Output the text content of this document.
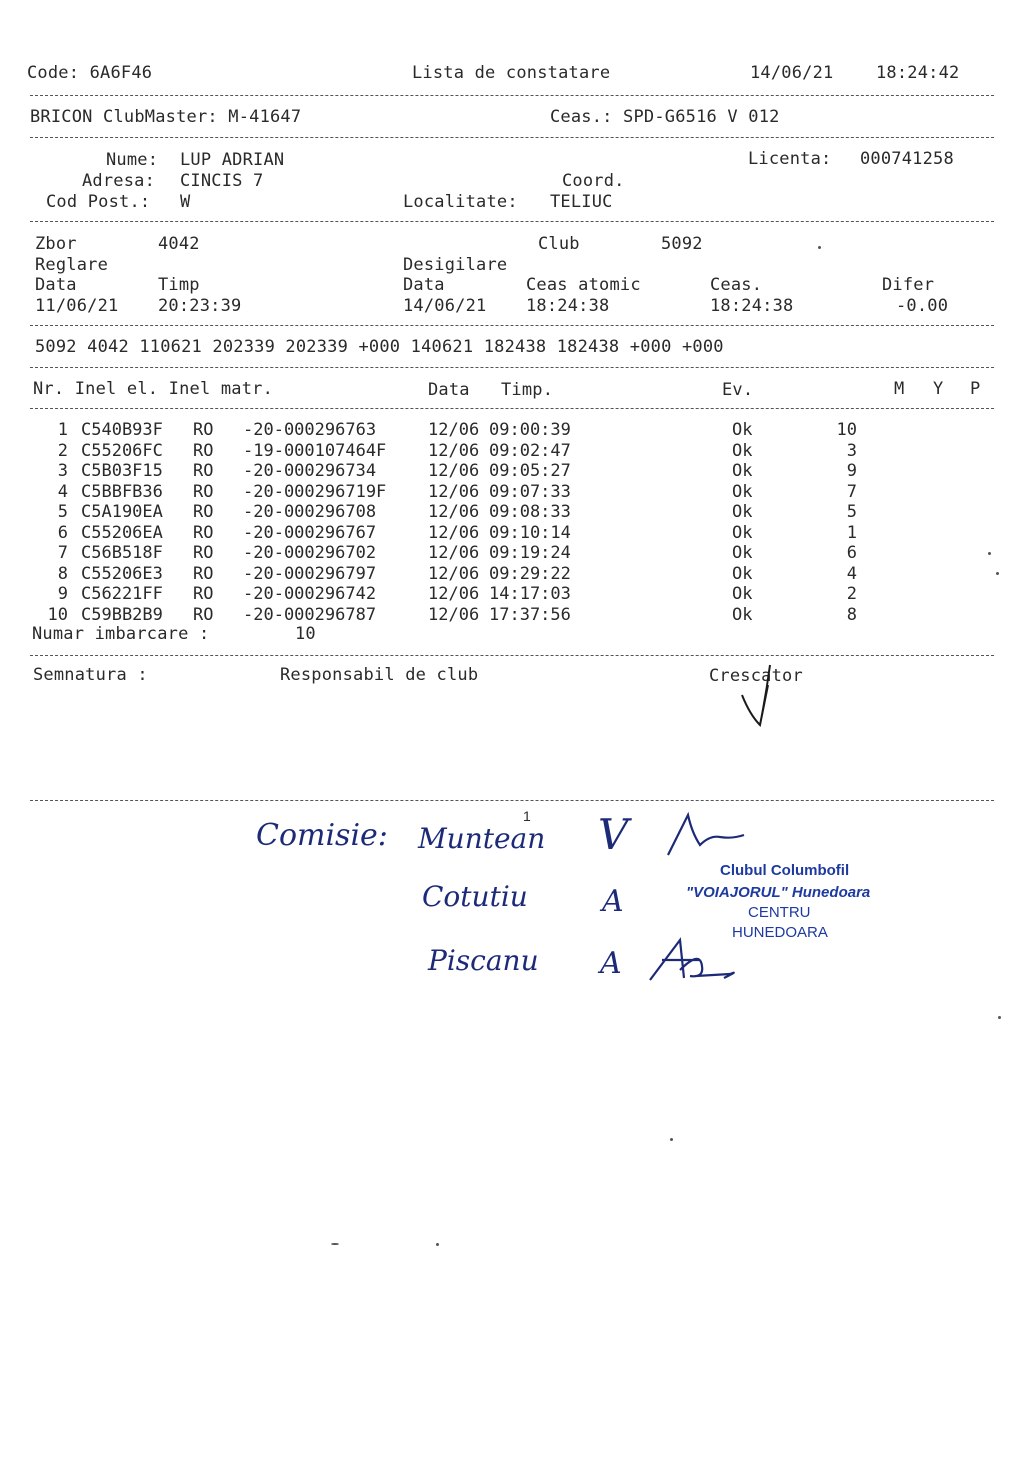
Code: 6A6F46	Lista de constatare	14/06/21	18:24:42
BRICON ClubMaster: M-41647	Ceas.: SPD-G6516 V 012
Nume: LUP ADRIAN	Licenta: 000741258
Adresa: CINCIS 7	Coord.
Cod Post.: W	Localitate: TELIUC
Zbor	4042	Club	5092
Reglare	Desigilare
Data	Timp	Data	Ceas atomic	Ceas.	Difer
11/06/21 20:23:39	14/06/21 18:24:38	18:24:38	-0.00
5092 4042 110621 202339 202339 +000 140621 182438 182438 +000 +000
Nr. Inel el. Inel matr.	Data Timp.	Ev.	M Y P
1 C540B93F RO -20-000296763	12/06 09:00:39	Ok	10
2 C55206FC RO -19-000107464F 12/06 09:02:47	Ok	3
3 C5B03F15 RO -20-000296734	12/06 09:05:27	Ok	9
4 C5BBFB36 RO -20-000296719F 12/06 09:07:33	Ok	7
5 C5A190EA RO -20-000296708	12/06 09:08:33	Ok	5
6 C55206EA RO -20-000296767	12/06 09:10:14	Ok	1
7 C56B518F RO -20-000296702	12/06 09:19:24	Ok	6
8 C55206E3 RO -20-000296797	12/06 09:29:22	Ok	4
9 C56221FF RO -20-000296742	12/06 14:17:03	Ok	2
10 C59BB2B9 RO -20-000296787	12/06 17:37:56	Ok	8
Numar imbarcare :	10
Semnatura :	Responsabil de club	Crescator
1
Comisie: Muntean
Cotutiu
Piscanu
V
A
A
Clubul Columbofil
"VOIAJORUL" Hunedoara
CENTRU
HUNEDOARA
